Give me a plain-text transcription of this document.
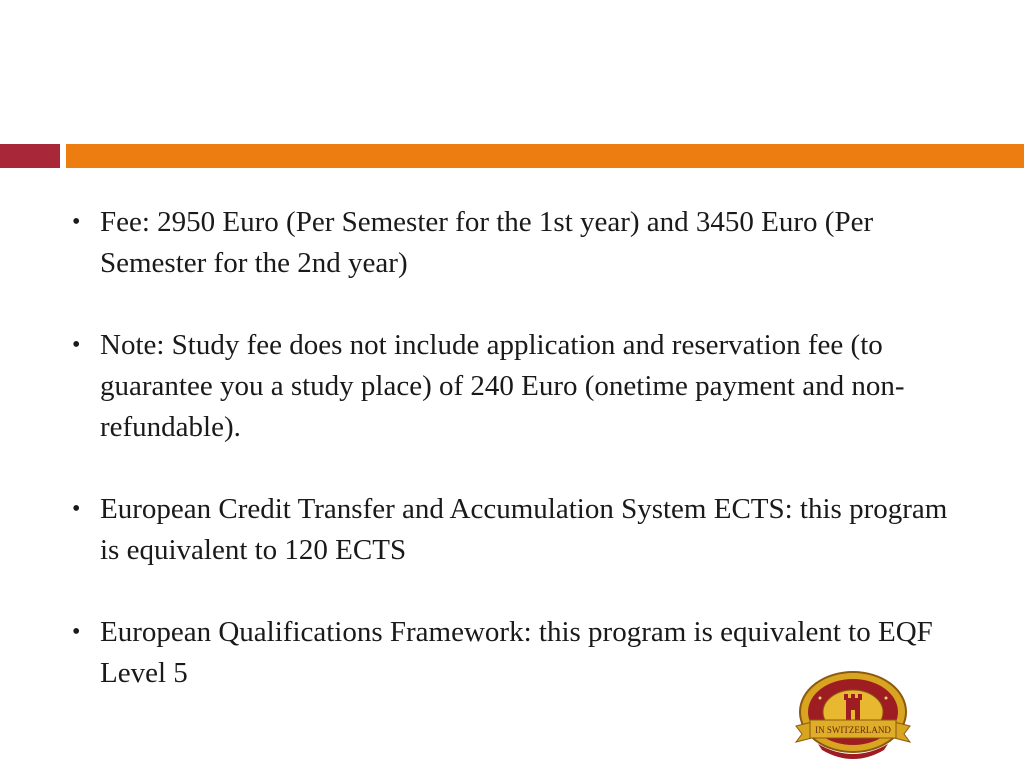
• Fee: 2950 Euro (Per Semester for the 1st year) and 3450 Euro (Per Semester for the 2nd year)
• Note: Study fee does not include application and reservation fee (to guarantee you a study place) of 240 Euro (onetime payment and non-refundable).
• European Credit Transfer and Accumulation System ECTS: this program is equivalent to 120 ECTS
• European Qualifications Framework: this program is equivalent to EQF Level 5
IN SWITZERLAND
